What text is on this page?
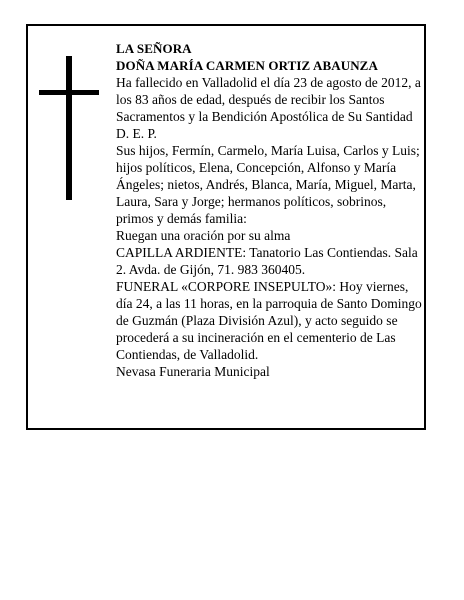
LA SEÑORA

DOÑA MARÍA CARMEN ORTIZ ABAUNZA

Ha fallecido en Valladolid el día 23 de agosto de 2012, a los 83 años de edad, después de recibir los Santos Sacramentos y la Bendición Apostólica de Su Santidad

D. E. P.

Sus hijos, Fermín, Carmelo, María Luisa, Carlos y Luis; hijos políticos, Elena, Concepción, Alfonso y María Ángeles; nietos, Andrés, Blanca, María, Miguel, Marta, Laura, Sara y Jorge; hermanos políticos, sobrinos, primos y demás familia:

Ruegan una oración por su alma

CAPILLA ARDIENTE: Tanatorio Las Contiendas. Sala 2. Avda. de Gijón, 71. 983 360405.

FUNERAL «CORPORE INSEPULTO»: Hoy viernes, día 24, a las 11 horas, en la parroquia de Santo Domingo de Guzmán (Plaza División Azul), y acto seguido se procederá a su incineración en el cementerio de Las Contiendas, de Valladolid.

Nevasa Funeraria Municipal
